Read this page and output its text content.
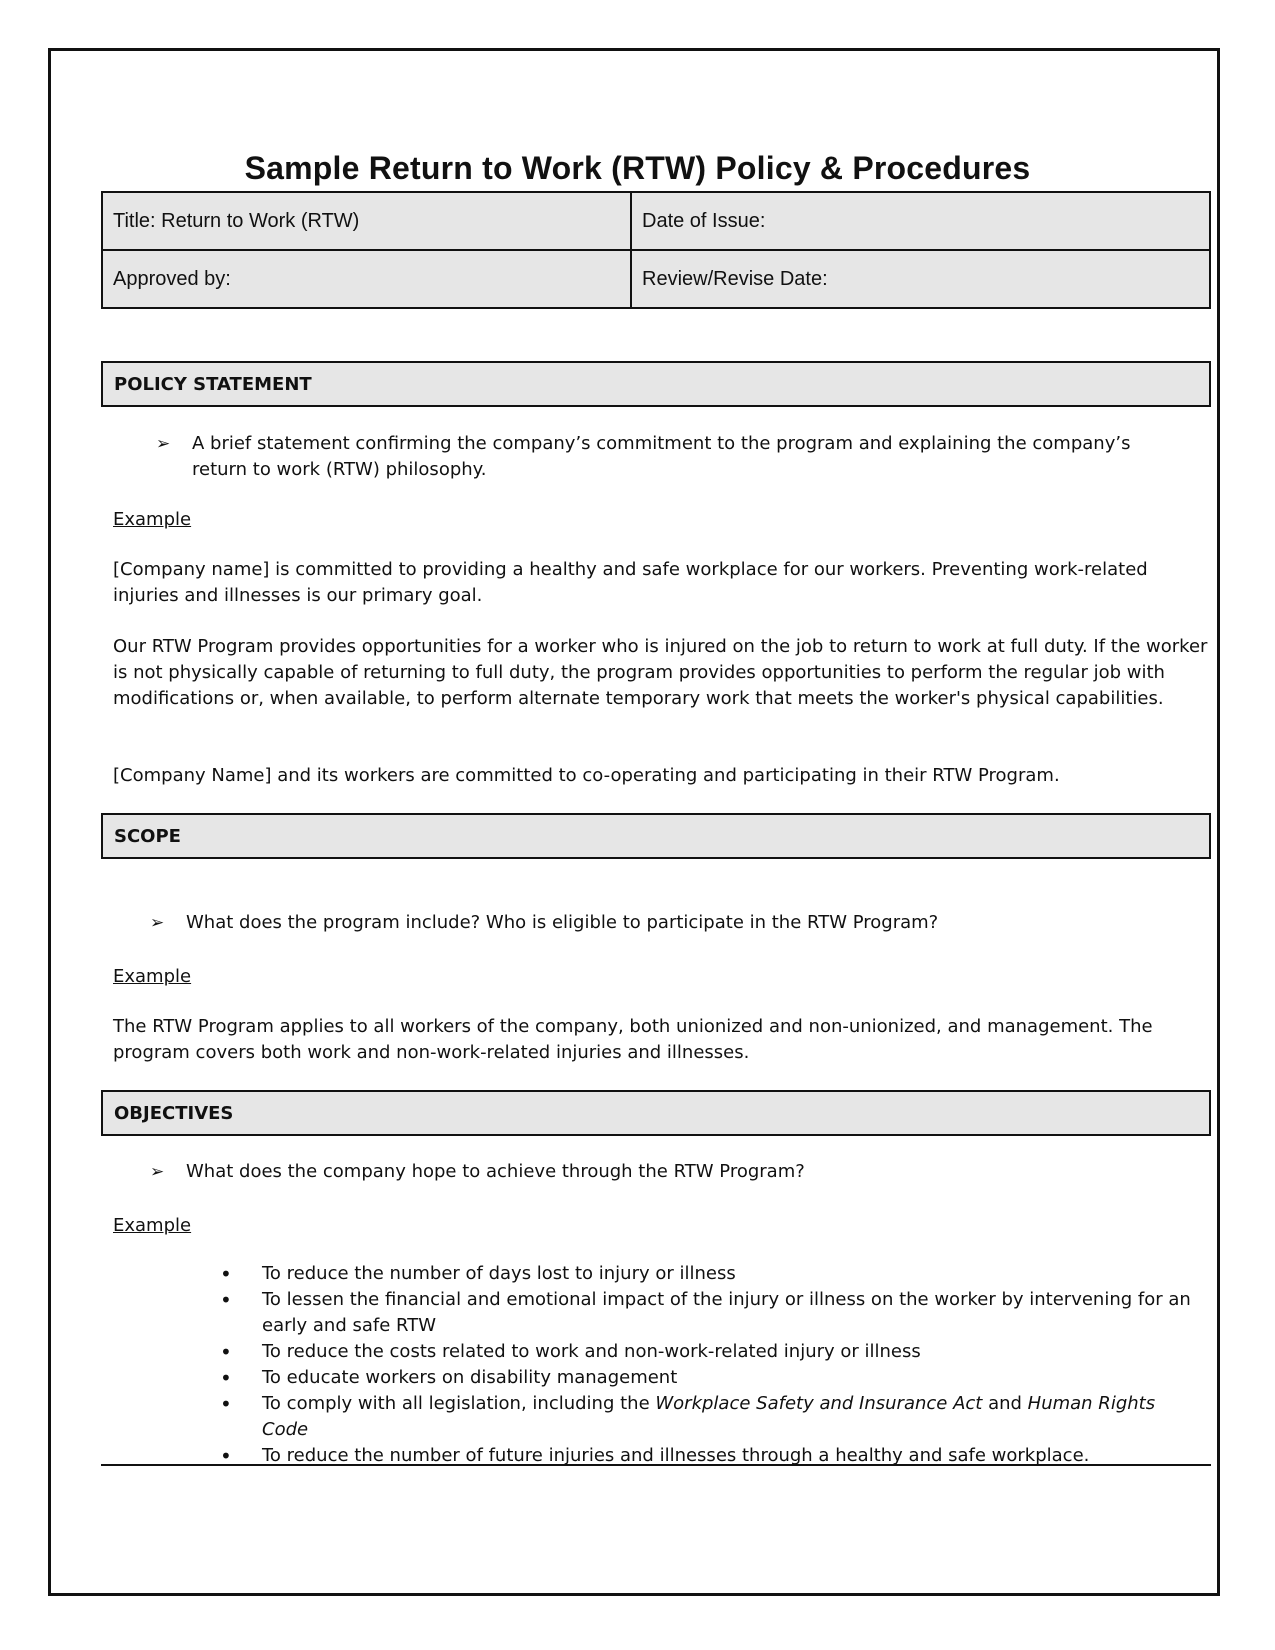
Sample Return to Work (RTW) Policy & Procedures
Title: Return to Work (RTW)	Date of Issue:
Approved by:	Review/Revise Date:
POLICY STATEMENT
➢	A brief statement confirming the company’s commitment to the program and explaining the company’s return to work (RTW) philosophy.

Example

[Company name] is committed to providing a healthy and safe workplace for our workers. Preventing work-related injuries and illnesses is our primary goal.

Our RTW Program provides opportunities for a worker who is injured on the job to return to work at full duty. If the worker is not physically capable of returning to full duty, the program provides opportunities to perform the regular job with modifications or, when available, to perform alternate temporary work that meets the worker's physical capabilities.

[Company Name] and its workers are committed to co-operating and participating in their RTW Program.

SCOPE
➢	What does the program include? Who is eligible to participate in the RTW Program?

Example

The RTW Program applies to all workers of the company, both unionized and non-unionized, and management. The program covers both work and non-work-related injuries and illnesses.

OBJECTIVES
➢	What does the company hope to achieve through the RTW Program?

Example

•	To reduce the number of days lost to injury or illness
•	To lessen the financial and emotional impact of the injury or illness on the worker by intervening for an early and safe RTW
•	To reduce the costs related to work and non-work-related injury or illness
•	To educate workers on disability management
•	To comply with all legislation, including the Workplace Safety and Insurance Act and Human Rights Code
•	To reduce the number of future injuries and illnesses through a healthy and safe workplace.
